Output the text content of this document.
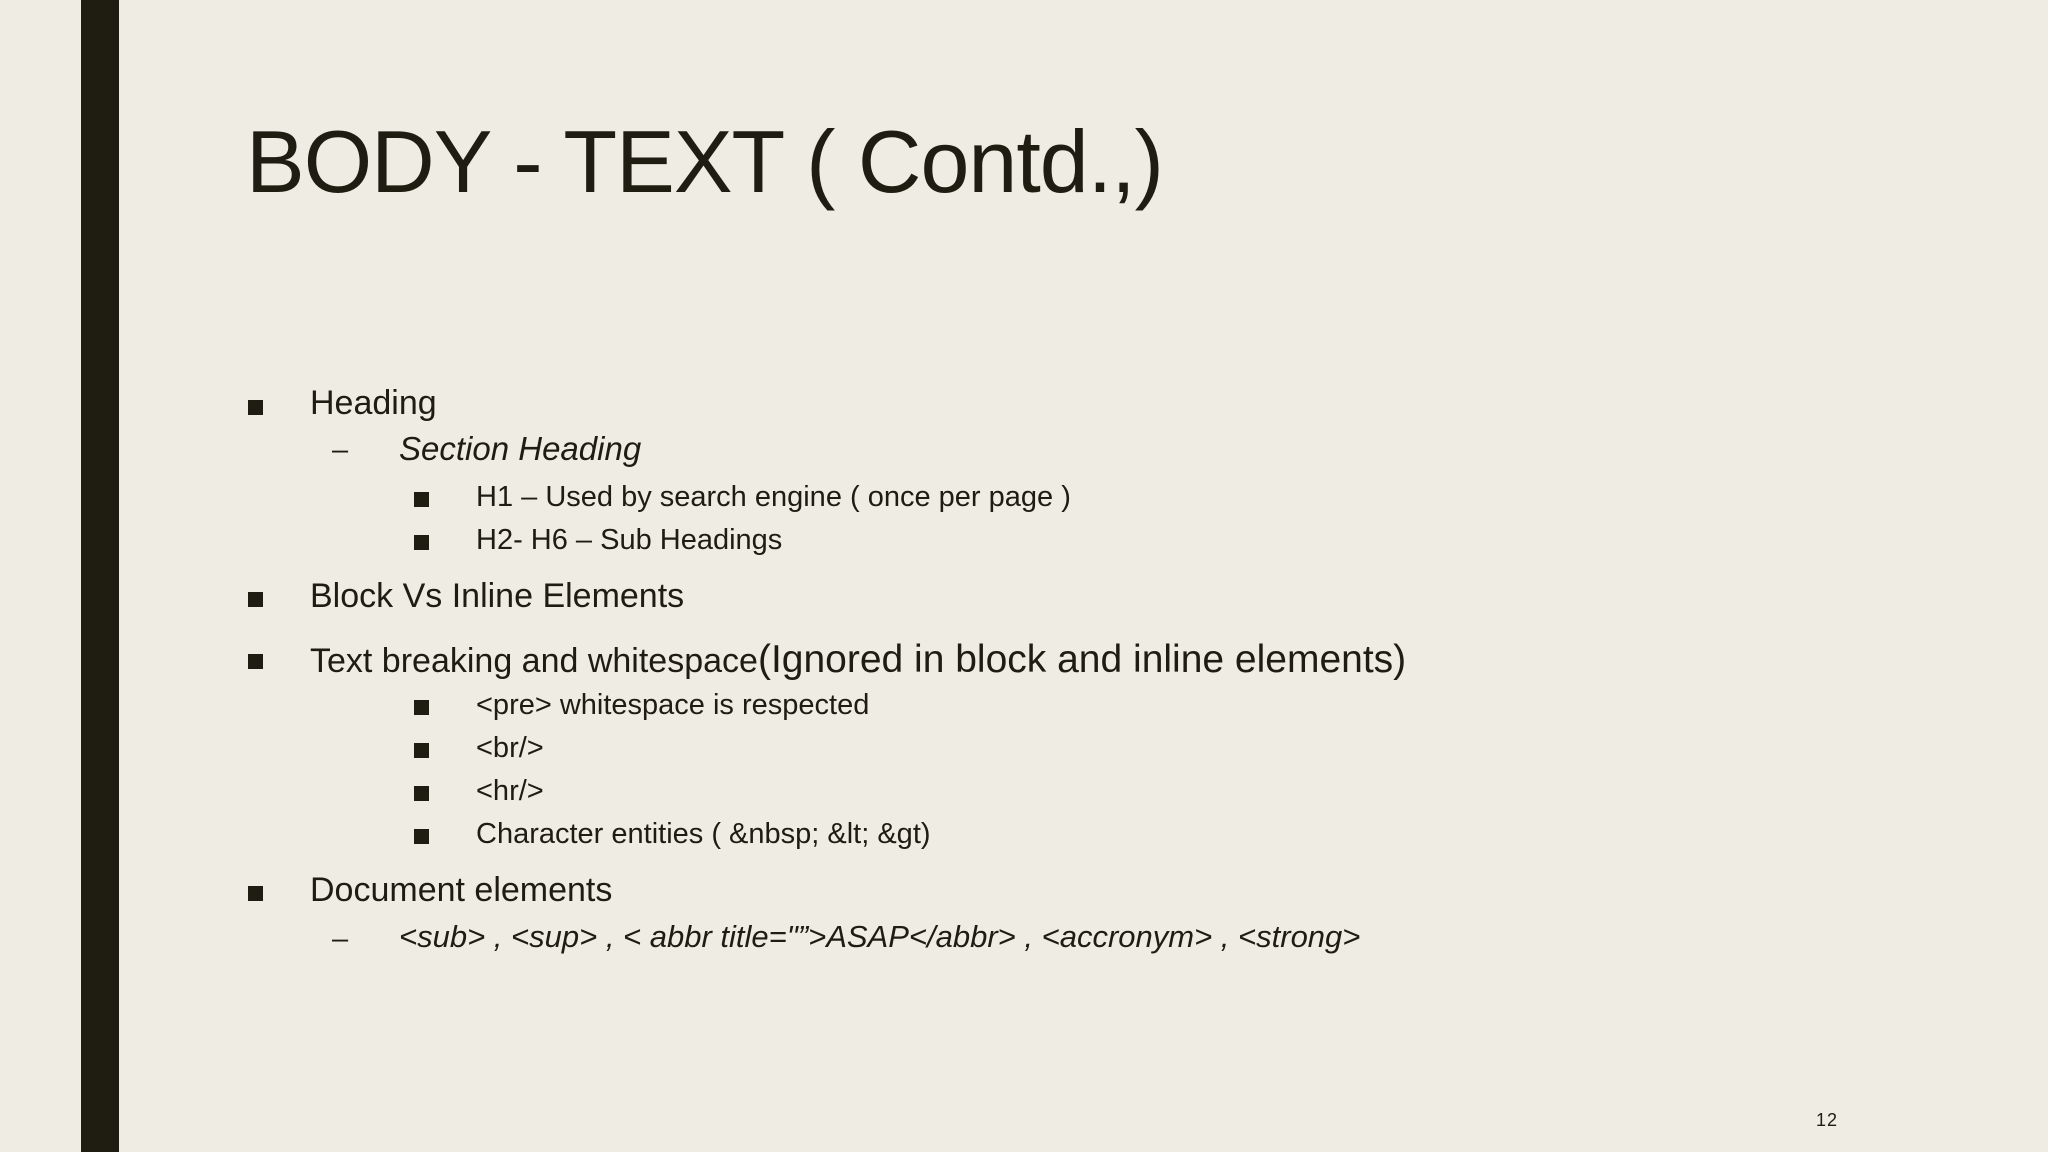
BODY - TEXT ( Contd.,)
Heading
– Section Heading
H1 – Used by search engine ( once per page )
H2- H6 – Sub Headings
Block Vs Inline Elements
Text breaking and whitespace(Ignored in block and inline elements)
<pre> whitespace is respected
<br/>
<hr/>
Character entities ( &nbsp; &lt; &gt)
Document elements
– <sub> , <sup> , < abbr title="”>ASAP</abbr> , <accronym> , <strong>
12
